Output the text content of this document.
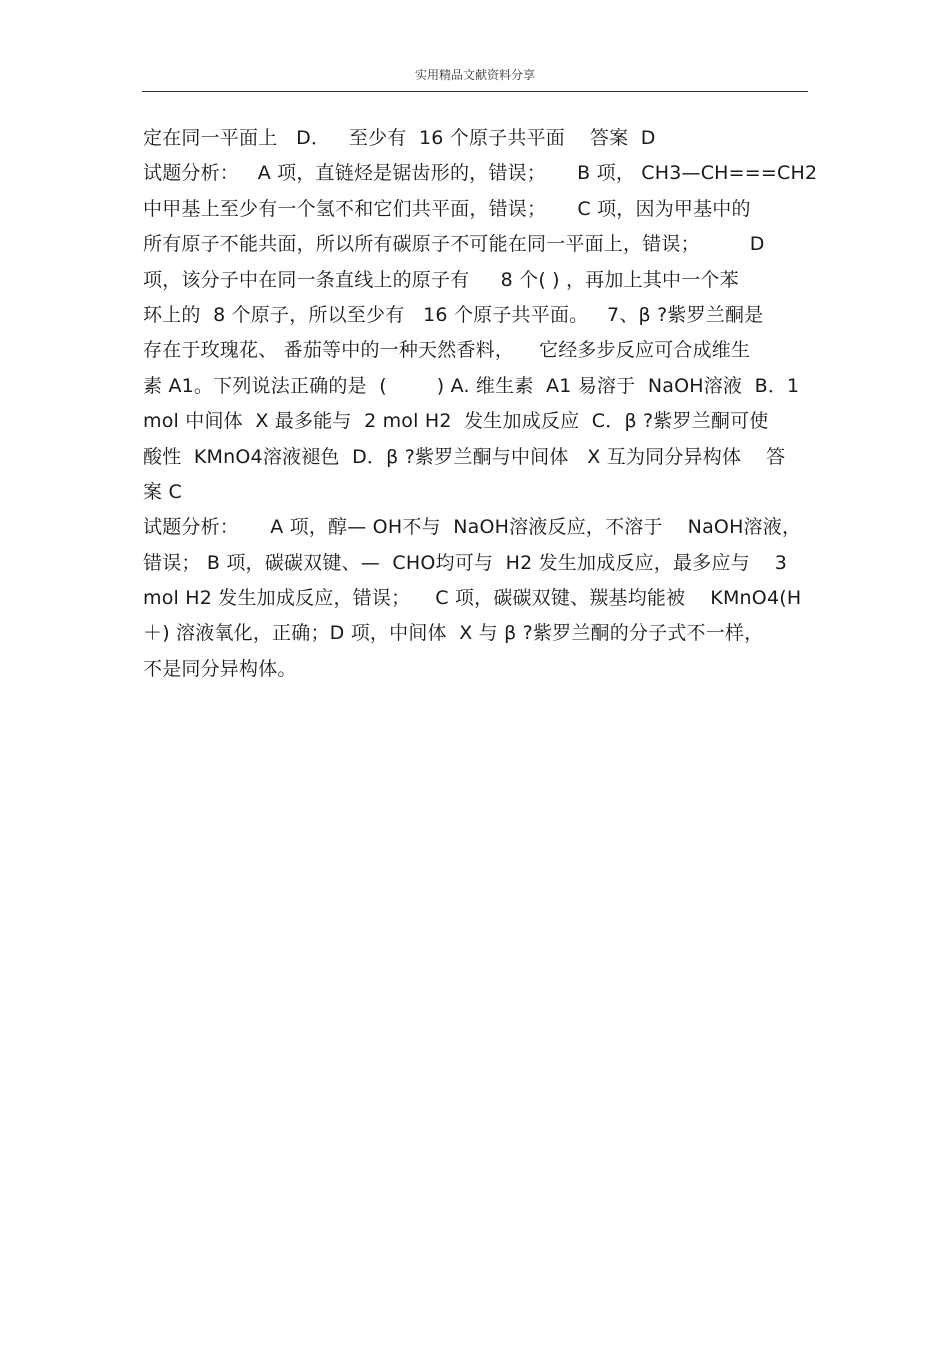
实用精品文献资料分享
定在同一平面上   D．   至少有  16 个原子共平面    答案  D
试题分析：   A 项，直链烃是锯齿形的，错误；     B 项， CH3—CH===CH2
中甲基上至少有一个氢不和它们共平面，错误；     C 项，因为甲基中的
所有原子不能共面，所以所有碳原子不可能在同一平面上，错误；        D
项，该分子中在同一条直线上的原子有     8 个( ) ，再加上其中一个苯
环上的  8 个原子，所以至少有   16 个原子共平面。   7、β ?紫罗兰酮是
存在于玫瑰花、 番茄等中的一种天然香料，    它经多步反应可合成维生
素 A1。下列说法正确的是  (        ) A. 维生素  A1 易溶于  NaOH溶液  B．1
mol 中间体  X 最多能与  2 mol H2  发生加成反应  C．β ?紫罗兰酮可使
酸性  KMnO4溶液褪色  D．β ?紫罗兰酮与中间体   X 互为同分异构体    答
案 C
试题分析：     A 项，醇— OH不与  NaOH溶液反应，不溶于    NaOH溶液，
错误； B 项，碳碳双键、—  CHO均可与  H2 发生加成反应，最多应与    3
mol H2 发生加成反应，错误；    C 项，碳碳双键、羰基均能被    KMnO4(H
＋) 溶液氧化，正确；D 项，中间体  X 与 β ?紫罗兰酮的分子式不一样，
不是同分异构体。
